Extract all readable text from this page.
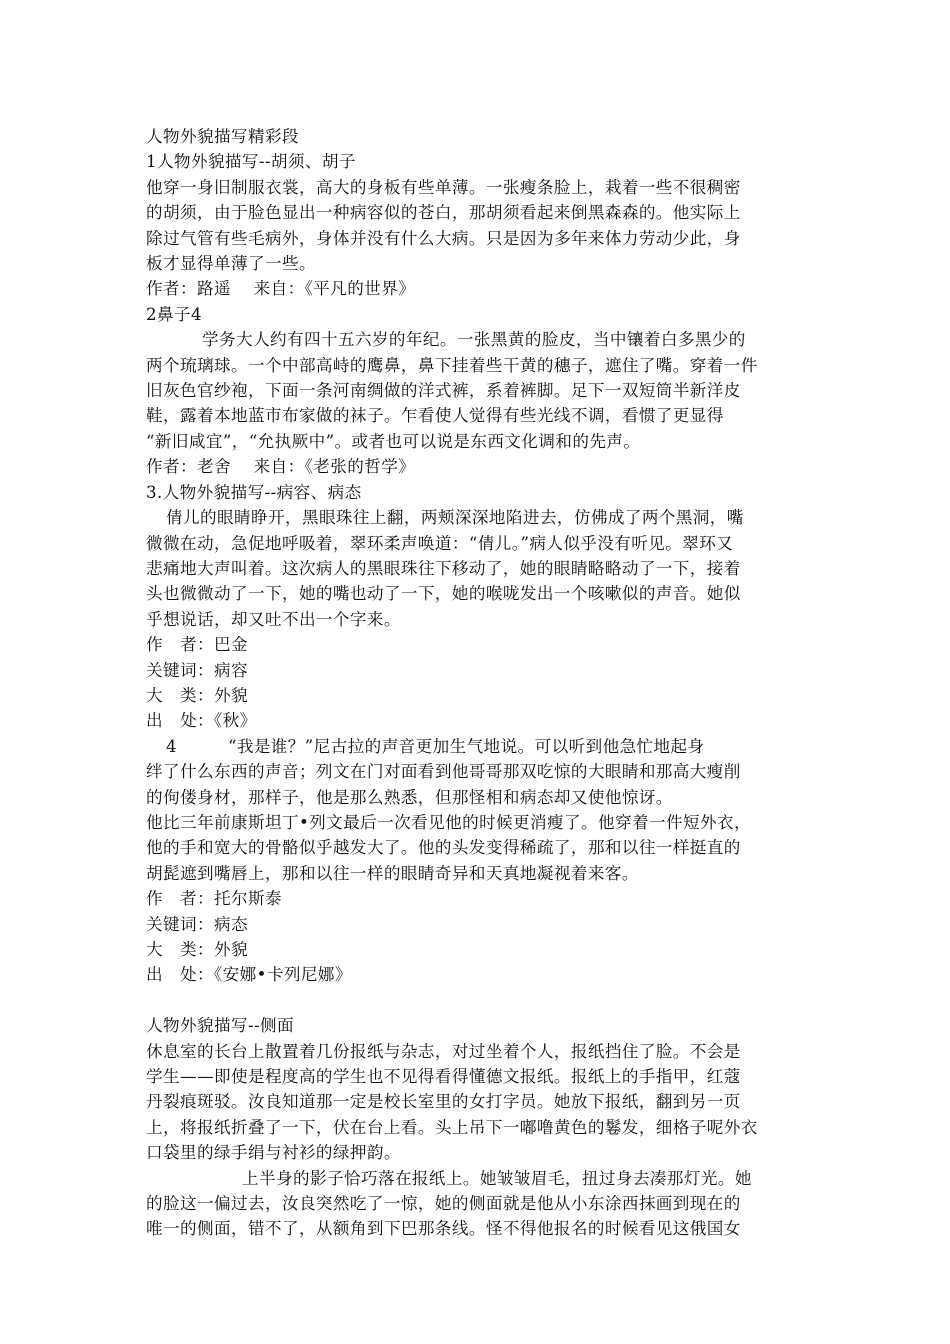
人物外貌描写精彩段
1人物外貌描写--胡须、胡子
他穿一身旧制服衣裳，高大的身板有些单薄。一张瘦条脸上，栽着一些不很稠密
的胡须，由于脸色显出一种病容似的苍白，那胡须看起来倒黑森森的。他实际上
除过气管有些毛病外，身体并没有什么大病。只是因为多年来体力劳动少此，身
板才显得单薄了一些。
作者：路遥　 来自：《平凡的世界》
2鼻子4
学务大人约有四十五六岁的年纪。一张黑黄的脸皮，当中镶着白多黑少的
两个琉璃球。一个中部高峙的鹰鼻，鼻下挂着些干黄的穗子，遮住了嘴。穿着一件
旧灰色官纱袍，下面一条河南绸做的洋式裤，系着裤脚。足下一双短筒半新洋皮
鞋，露着本地蓝市布家做的袜子。乍看使人觉得有些光线不调，看惯了更显得
“新旧咸宜”，“允执厥中”。或者也可以说是东西文化调和的先声。
作者：老舍　 来自：《老张的哲学》
3.人物外貌描写--病容、病态
倩儿的眼睛睁开，黑眼珠往上翻，两颊深深地陷进去，仿佛成了两个黑洞，嘴
微微在动，急促地呼吸着，翠环柔声唤道：“倩儿。”病人似乎没有听见。翠环又
悲痛地大声叫着。这次病人的黑眼珠往下移动了，她的眼睛略略动了一下，接着
头也微微动了一下，她的嘴也动了一下，她的喉咙发出一个咳嗽似的声音。她似
乎想说话，却又吐不出一个字来。
作　者：巴金
关键词：病容
大　类：外貌
出　处：《秋》
4　　　“我是谁？”尼古拉的声音更加生气地说。可以听到他急忙地起身
绊了什么东西的声音；列文在门对面看到他哥哥那双吃惊的大眼睛和那高大瘦削
的佝偻身材，那样子，他是那么熟悉，但那怪相和病态却又使他惊讶。
他比三年前康斯坦丁•列文最后一次看见他的时候更消瘦了。他穿着一件短外衣，
他的手和宽大的骨骼似乎越发大了。他的头发变得稀疏了，那和以往一样挺直的
胡髭遮到嘴唇上，那和以往一样的眼睛奇异和天真地凝视着来客。
作　者：托尔斯泰
关键词：病态
大　类：外貌
出　处：《安娜•卡列尼娜》
人物外貌描写--侧面
休息室的长台上散置着几份报纸与杂志，对过坐着个人，报纸挡住了脸。不会是
学生——即使是程度高的学生也不见得看得懂德文报纸。报纸上的手指甲，红蔻
丹裂痕斑驳。汝良知道那一定是校长室里的女打字员。她放下报纸，翻到另一页
上，将报纸折叠了一下，伏在台上看。头上吊下一嘟噜黄色的鬈发，细格子呢外衣
口袋里的绿手绢与衬衫的绿押韵。
上半身的影子恰巧落在报纸上。她皱皱眉毛，扭过身去凑那灯光。她
的脸这一偏过去，汝良突然吃了一惊，她的侧面就是他从小东涂西抹画到现在的
唯一的侧面，错不了，从额角到下巴那条线。怪不得他报名的时候看见这俄国女
